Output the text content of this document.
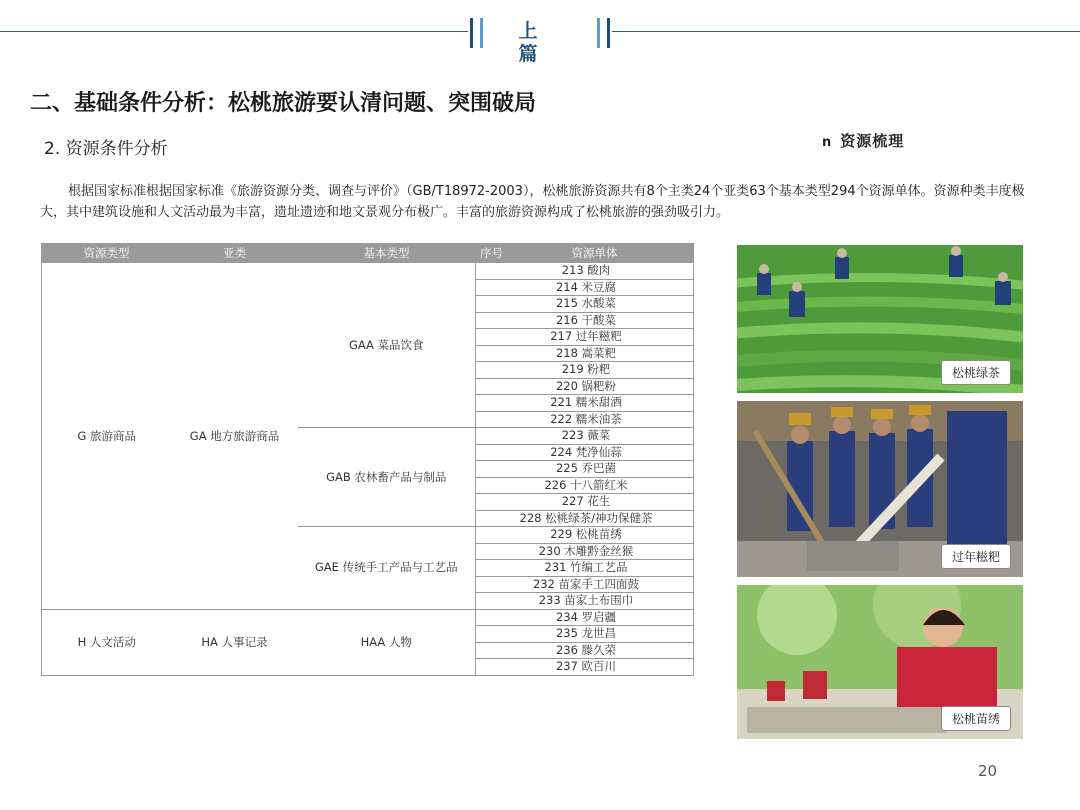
上篇
二、基础条件分析：松桃旅游要认清问题、突围破局
2. 资源条件分析	n 资源梳理

根据国家标准根据国家标准《旅游资源分类、调查与评价》（GB/T18972-2003），松桃旅游资源共有8个主类24个亚类63个基本类型294个资源单体。资源种类丰度极大，其中建筑设施和人文活动最为丰富，遗址遗迹和地文景观分布极广。丰富的旅游资源构成了松桃旅游的强劲吸引力。

资源类型	亚类	基本类型	序号	资源单体
G 旅游商品	GA 地方旅游商品	GAA 菜品饮食	213 酸肉	
			214 米豆腐	
			215 水酸菜	
			216 干酸菜	
			217 过年糍粑	
			218 嵩菜粑	
			219 粉粑	
			220 锅粑粉	
			221 糯米甜酒	
			222 糯米油茶	
		GAB 农林畜产品与制品	223 薇菜	
			224 梵净仙蒜	
			225 乔巴菌	
			226 十八箭红米	
			227 花生	
			228 松桃绿茶/神功保健茶	
		GAE 传统手工产品与工艺品	229 松桃苗绣	
			230 木雕黔金丝猴	
			231 竹编工艺品	
			232 苗家手工四面鼓	
			233 苗家土布围巾	
H 人文活动	HA 人事记录	HAA 人物	234 罗启疆	
			235 龙世昌	
			236 滕久荣	
			237 欧百川	
松桃绿茶
过年糍粑
松桃苗绣
20
